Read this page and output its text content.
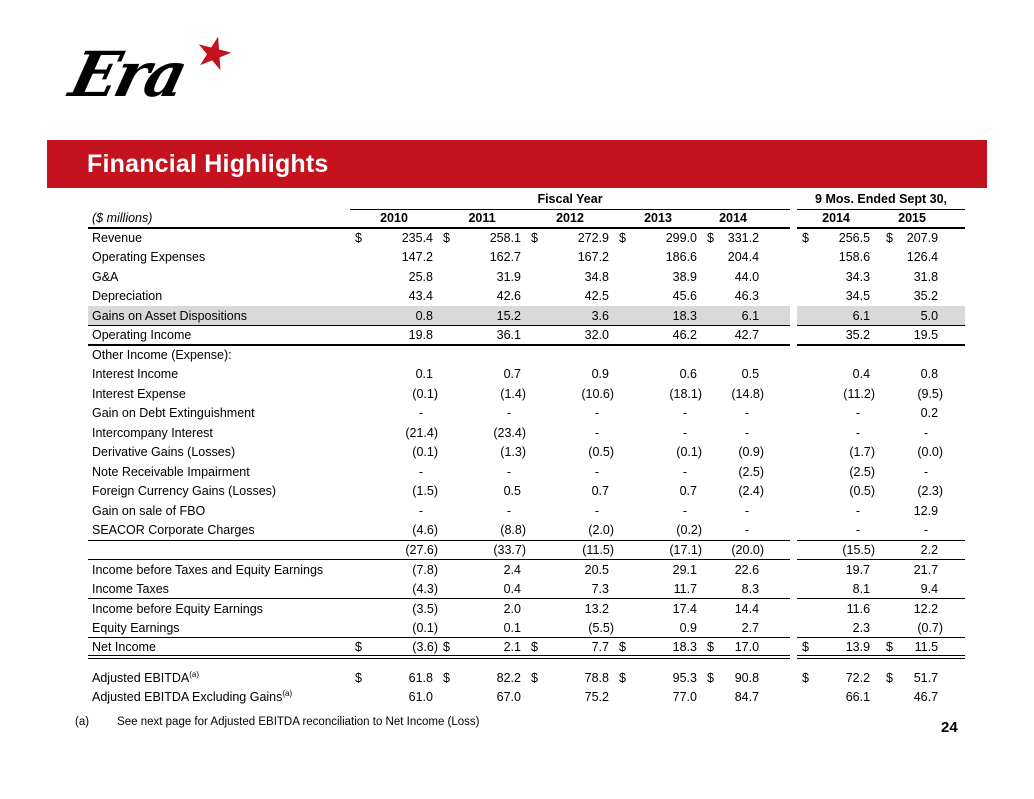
Era
★
Financial Highlights
	Fiscal Year						9 Mos. Ended Sept 30,	
($ millions)	2010	2011	2012	2013	2014		2014	2015
Revenue	$ 235.4	$ 258.1	$ 272.9	$ 299.0	$ 331.2		$ 256.5	$ 207.9

Operating Expenses	147.2	162.7	167.2	186.6	204.4		158.6	126.4

G&A	25.8	31.9	34.8	38.9	44.0		34.3	31.8

Depreciation	43.4	42.6	42.5	45.6	46.3		34.5	35.2

Gains on Asset Dispositions	0.8	15.2	3.6	18.3	6.1		6.1	5.0

Operating Income	19.8	36.1	32.0	46.2	42.7		35.2	19.5

Other Income (Expense):	

Interest Income	0.1	0.7	0.9	0.6	0.5		0.4	0.8

Interest Expense	(0.1)	(1.4)	(10.6)	(18.1)	(14.8)		(11.2)	(9.5)

Gain on Debt Extinguishment	-	-	-	-	-		-	0.2

Intercompany Interest	(21.4)	(23.4)	-	-	-		-	-

Derivative Gains (Losses)	(0.1)	(1.3)	(0.5)	(0.1)	(0.9)		(1.7)	(0.0)

Note Receivable Impairment	-	-	-	-	(2.5)		(2.5)	-

Foreign Currency Gains (Losses)	(1.5)	0.5	0.7	0.7	(2.4)		(0.5)	(2.3)

Gain on sale of FBO	-	-	-	-	-		-	12.9

SEACOR Corporate Charges	(4.6)	(8.8)	(2.0)	(0.2)	-		-	-

	(27.6)	(33.7)	(11.5)	(17.1)	(20.0)		(15.5)	2.2

Income before Taxes and Equity Earnings	(7.8)	2.4	20.5	29.1	22.6		19.7	21.7

Income Taxes	(4.3)	0.4	7.3	11.7	8.3		8.1	9.4

Income before Equity Earnings	(3.5)	2.0	13.2	17.4	14.4		11.6	12.2

Equity Earnings	(0.1)	0.1	(5.5)	0.9	2.7		2.3	(0.7)

Net Income	$ (3.6)	$ 2.1	$ 7.7	$ 18.3	$ 17.0		$ 13.9	$ 11.5

Adjusted EBITDA$^{(a)}$	$ 61.8	$ 82.2	$ 78.8	$ 95.3	$ 90.8		$ 72.2	$ 51.7

Adjusted EBITDA Excluding Gains$^{(a)}$	61.0	67.0	75.2	77.0	84.7		66.1	46.7
(a) See next page for Adjusted EBITDA reconciliation to Net Income (Loss)	24
